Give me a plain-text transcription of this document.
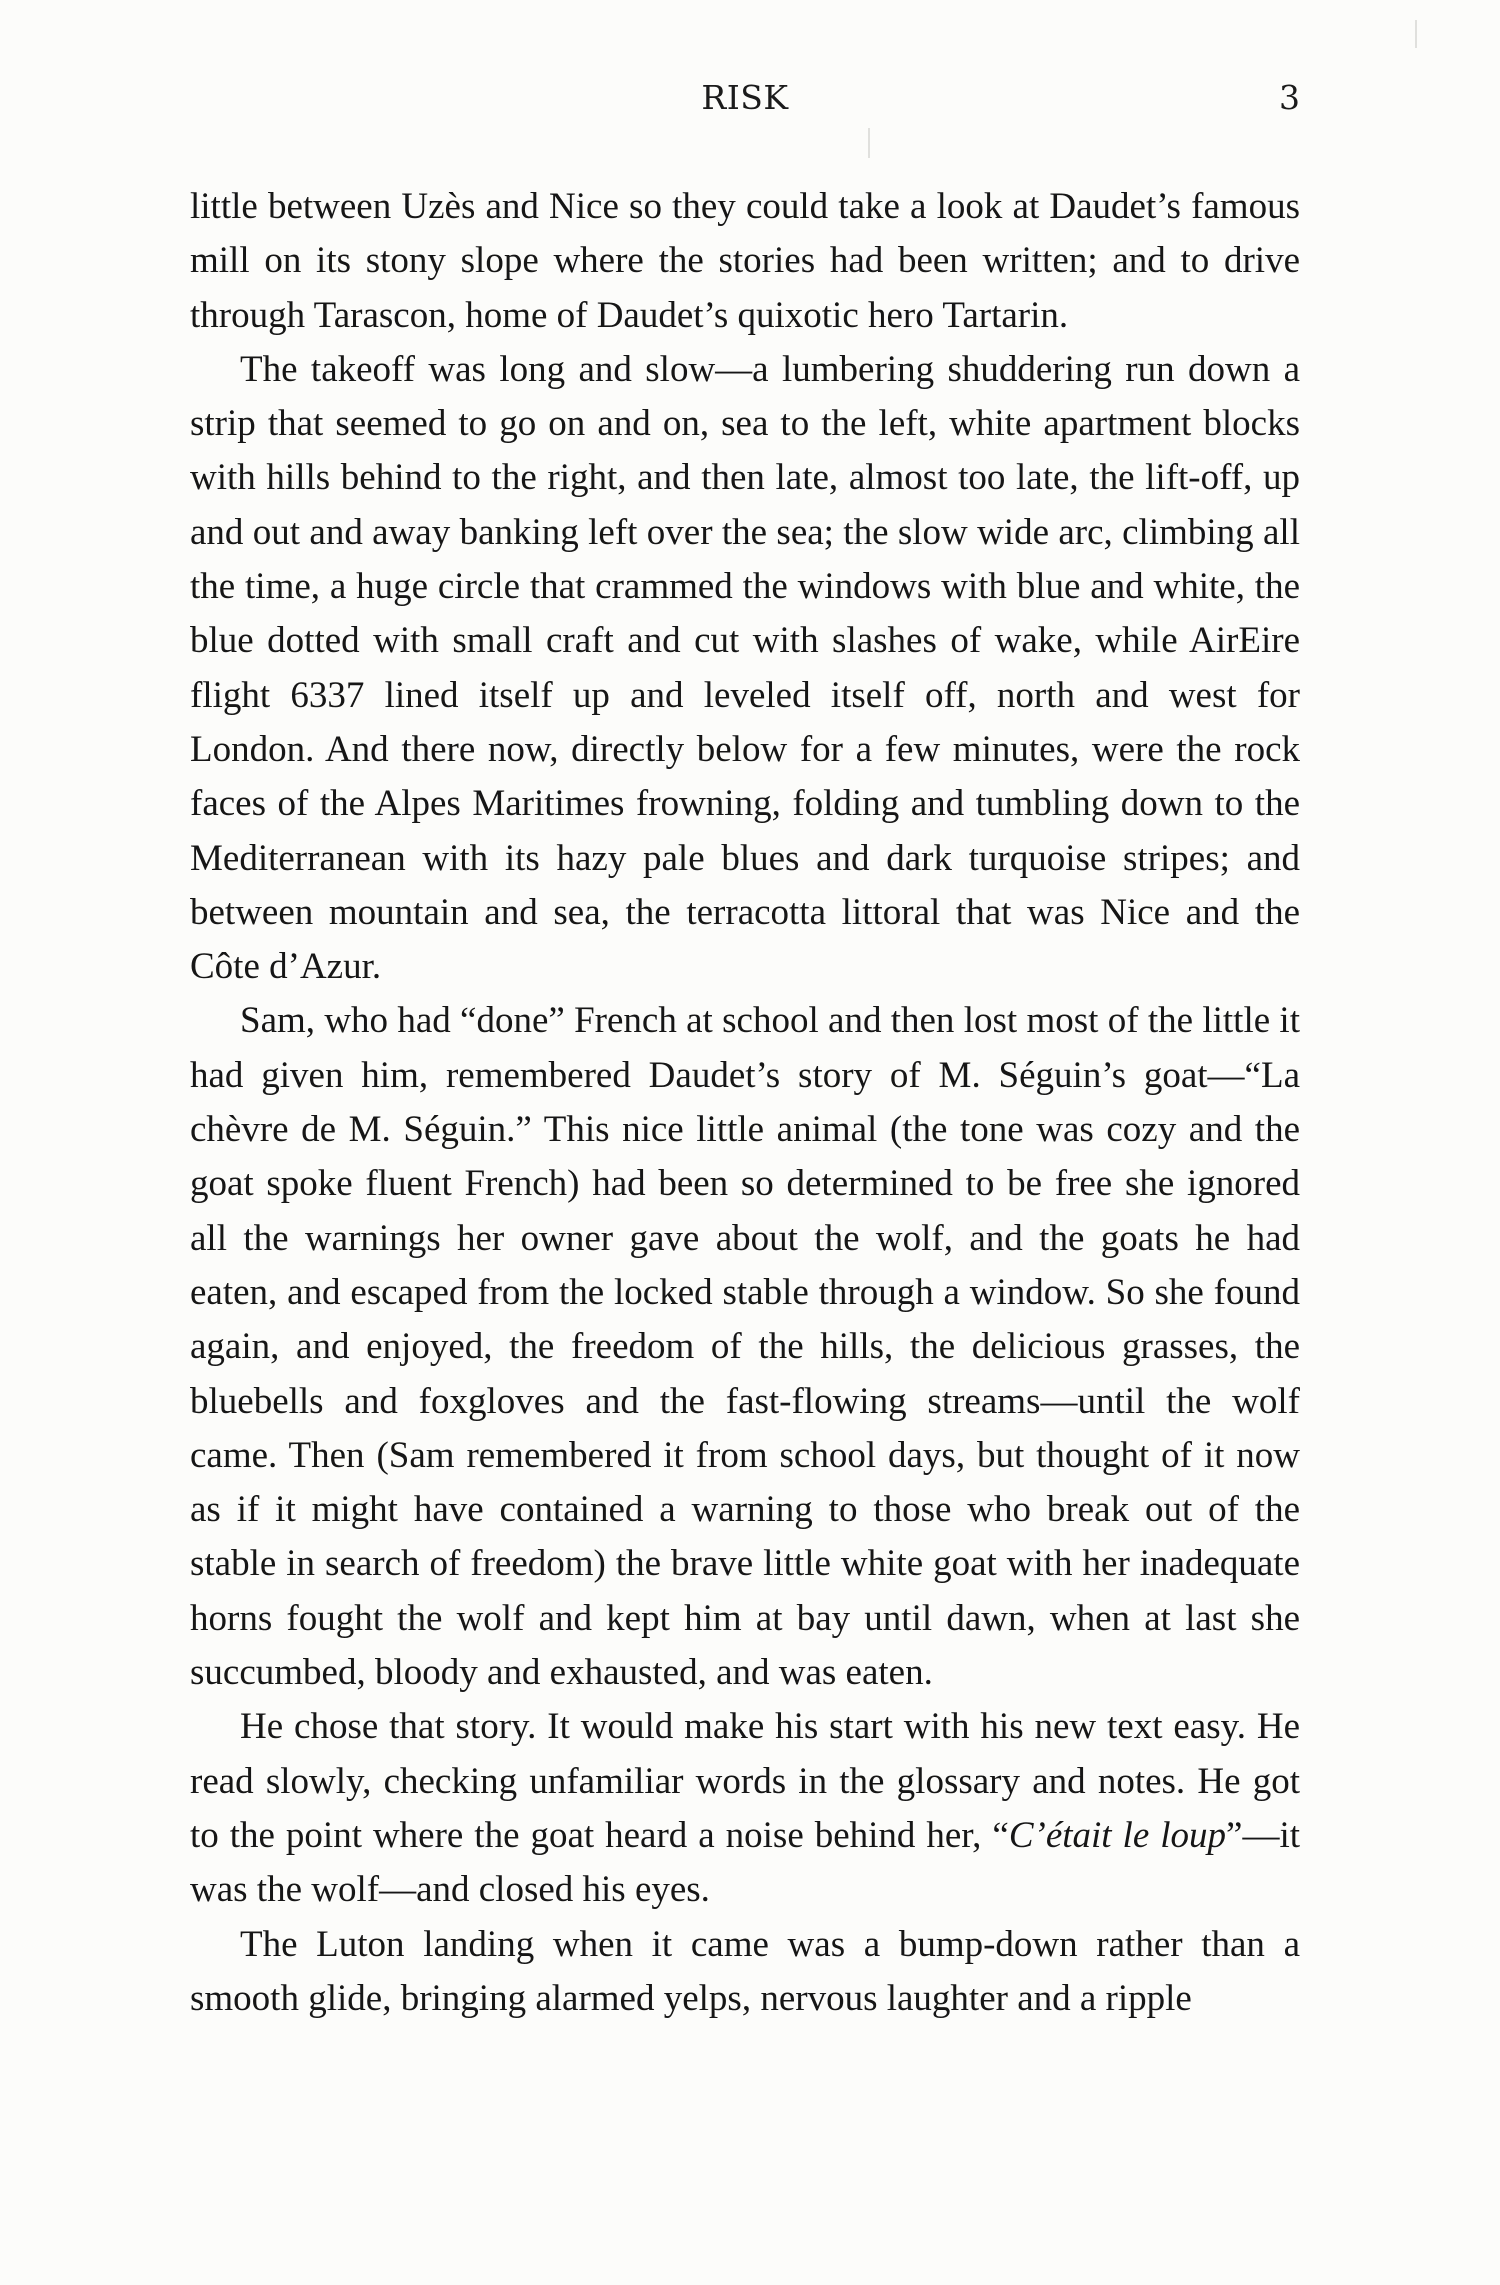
RISK	3

little between Uzès and Nice so they could take a look at Daudet’s famous mill on its stony slope where the stories had been written; and to drive through Tarascon, home of Daudet’s quixotic hero Tartarin.

The takeoff was long and slow—a lumbering shuddering run down a strip that seemed to go on and on, sea to the left, white apartment blocks with hills behind to the right, and then late, almost too late, the lift-off, up and out and away banking left over the sea; the slow wide arc, climbing all the time, a huge circle that crammed the windows with blue and white, the blue dotted with small craft and cut with slashes of wake, while AirEire flight 6337 lined itself up and leveled itself off, north and west for London. And there now, directly below for a few minutes, were the rock faces of the Alpes Maritimes frowning, folding and tumbling down to the Mediterranean with its hazy pale blues and dark turquoise stripes; and between mountain and sea, the terracotta littoral that was Nice and the Côte d’Azur.

Sam, who had “done” French at school and then lost most of the little it had given him, remembered Daudet’s story of M. Séguin’s goat—“La chèvre de M. Séguin.” This nice little animal (the tone was cozy and the goat spoke fluent French) had been so determined to be free she ignored all the warnings her owner gave about the wolf, and the goats he had eaten, and escaped from the locked stable through a window. So she found again, and enjoyed, the freedom of the hills, the delicious grasses, the bluebells and foxgloves and the fast-flowing streams—until the wolf came. Then (Sam remembered it from school days, but thought of it now as if it might have contained a warning to those who break out of the stable in search of freedom) the brave little white goat with her inadequate horns fought the wolf and kept him at bay until dawn, when at last she succumbed, bloody and exhausted, and was eaten.

He chose that story. It would make his start with his new text easy. He read slowly, checking unfamiliar words in the glossary and notes. He got to the point where the goat heard a noise behind her, “C’était le loup”—it was the wolf—and closed his eyes.

The Luton landing when it came was a bump-down rather than a smooth glide, bringing alarmed yelps, nervous laughter and a ripple
